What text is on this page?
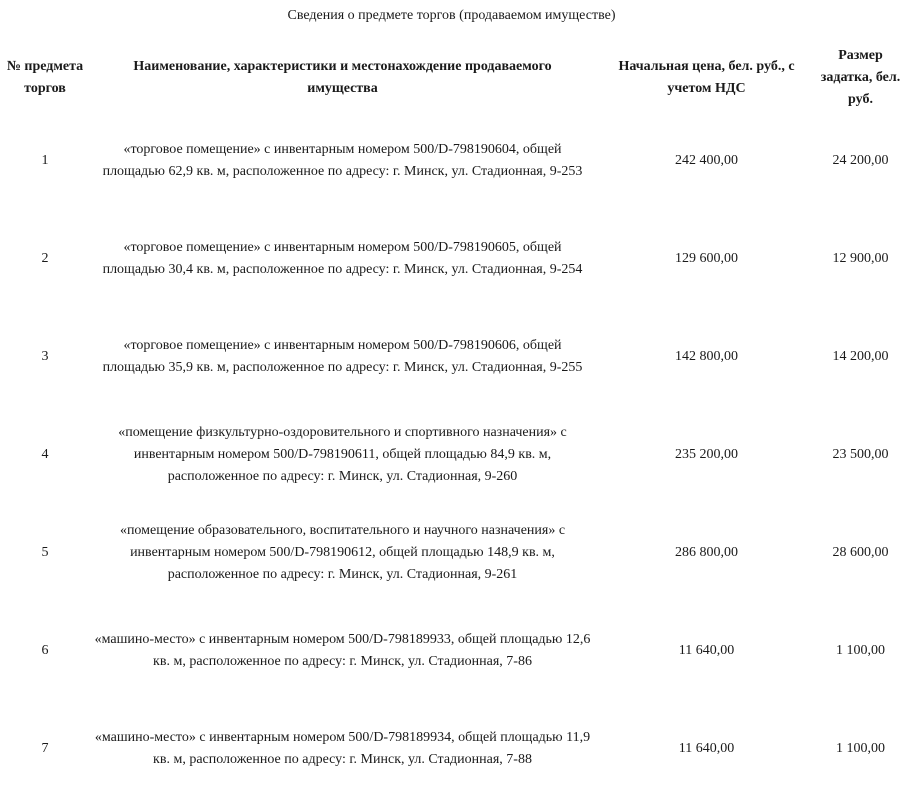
Сведения о предмете торгов (продаваемом имуществе)
№ предмета торгов	Наименование, характеристики и местонахождение продаваемого имущества	Начальная цена, бел. руб., с учетом НДС	Размер задатка, бел. руб.
1	«торговое помещение» с инвентарным номером 500/D-798190604, общей площадью 62,9 кв. м, расположенное по адресу: г. Минск, ул. Стадионная, 9-253	242 400,00	24 200,00
2	«торговое помещение» с инвентарным номером 500/D-798190605, общей площадью 30,4 кв. м, расположенное по адресу: г. Минск, ул. Стадионная, 9-254	129 600,00	12 900,00
3	«торговое помещение» с инвентарным номером 500/D-798190606, общей площадью 35,9 кв. м, расположенное по адресу: г. Минск, ул. Стадионная, 9-255	142 800,00	14 200,00
4	«помещение физкультурно-оздоровительного и спортивного назначения» с инвентарным номером 500/D-798190611, общей площадью 84,9 кв. м, расположенное по адресу: г. Минск, ул. Стадионная, 9-260	235 200,00	23 500,00
5	«помещение образовательного, воспитательного и научного назначения» с инвентарным номером 500/D-798190612, общей площадью 148,9 кв. м, расположенное по адресу: г. Минск, ул. Стадионная, 9-261	286 800,00	28 600,00
6	«машино-место» с инвентарным номером 500/D-798189933, общей площадью 12,6 кв. м, расположенное по адресу: г. Минск, ул. Стадионная, 7-86	11 640,00	1 100,00
7	«машино-место» с инвентарным номером 500/D-798189934, общей площадью 11,9 кв. м, расположенное по адресу: г. Минск, ул. Стадионная, 7-88	11 640,00	1 100,00
